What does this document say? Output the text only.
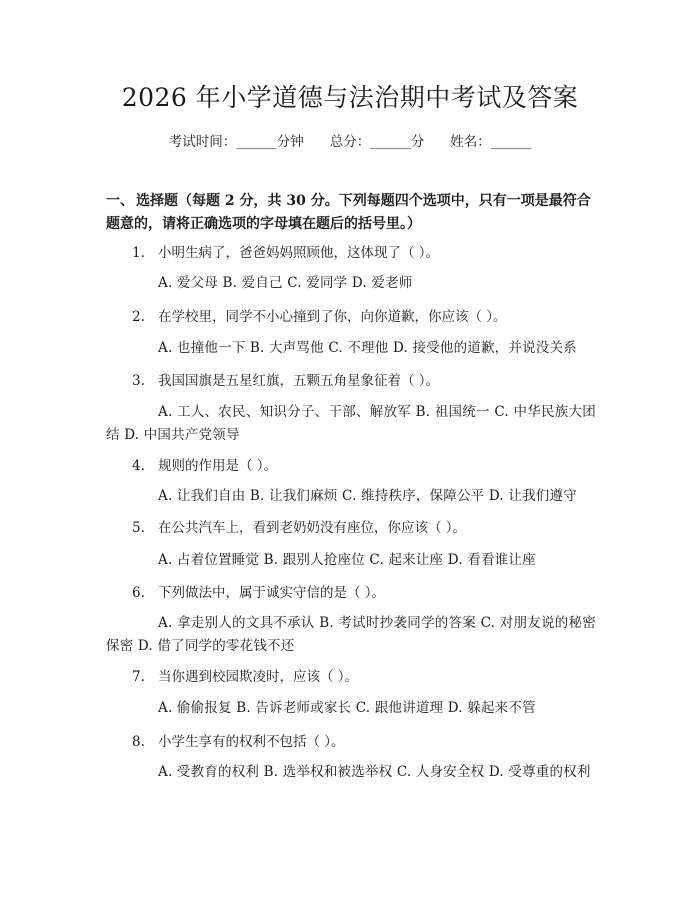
2026 年小学道德与法治期中考试及答案
考试时间：______分钟 总分：______分 姓名：______

一、 选择题（每题 2 分，共 30 分。下列每题四个选项中，只有一项是最符合题意的，请将正确选项的字母填在题后的括号里。）

1. 小明生病了，爸爸妈妈照顾他，这体现了（ ）。

A. 爱父母 B. 爱自己 C. 爱同学 D. 爱老师

2. 在学校里，同学不小心撞到了你，向你道歉，你应该（ ）。

A. 也撞他一下 B. 大声骂他 C. 不理他 D. 接受他的道歉，并说没关系

3. 我国国旗是五星红旗，五颗五角星象征着（ ）。

A. 工人、农民、知识分子、干部、解放军 B. 祖国统一 C. 中华民族大团结 D. 中国共产党领导

4. 规则的作用是（ ）。

A. 让我们自由 B. 让我们麻烦 C. 维持秩序，保障公平 D. 让我们遵守

5. 在公共汽车上，看到老奶奶没有座位，你应该（ ）。

A. 占着位置睡觉 B. 跟别人抢座位 C. 起来让座 D. 看看谁让座

6. 下列做法中，属于诚实守信的是（ ）。

A. 拿走别人的文具不承认 B. 考试时抄袭同学的答案 C. 对朋友说的秘密保密 D. 借了同学的零花钱不还

7. 当你遇到校园欺凌时，应该（ ）。

A. 偷偷报复 B. 告诉老师或家长 C. 跟他讲道理 D. 躲起来不管

8. 小学生享有的权利不包括（ ）。

A. 受教育的权利 B. 选举权和被选举权 C. 人身安全权 D. 受尊重的权利
